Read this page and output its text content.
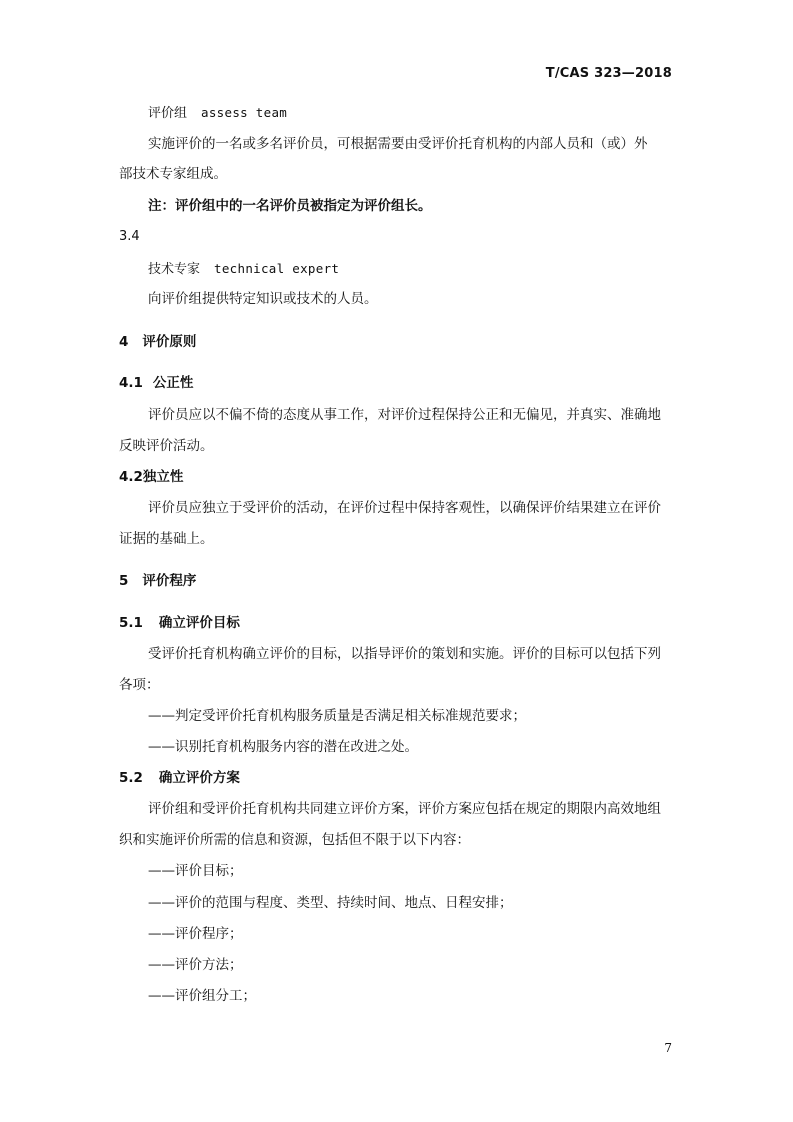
T/CAS 323—2018
评价组 assess team
实施评价的一名或多名评价员，可根据需要由受评价托育机构的内部人员和（或）外
部技术专家组成。
注：评价组中的一名评价员被指定为评价组长。
3.4
技术专家 technical expert
向评价组提供特定知识或技术的人员。
4 评价原则
4.1 公正性
评价员应以不偏不倚的态度从事工作，对评价过程保持公正和无偏见，并真实、准确地
反映评价活动。
4.2独立性
评价员应独立于受评价的活动，在评价过程中保持客观性，以确保评价结果建立在评价
证据的基础上。
5 评价程序
5.1 确立评价目标
受评价托育机构确立评价的目标，以指导评价的策划和实施。评价的目标可以包括下列
各项：
——判定受评价托育机构服务质量是否满足相关标准规范要求；
——识别托育机构服务内容的潜在改进之处。
5.2 确立评价方案
评价组和受评价托育机构共同建立评价方案，评价方案应包括在规定的期限内高效地组
织和实施评价所需的信息和资源，包括但不限于以下内容：
——评价目标；
——评价的范围与程度、类型、持续时间、地点、日程安排；
——评价程序；
——评价方法；
——评价组分工；
7
